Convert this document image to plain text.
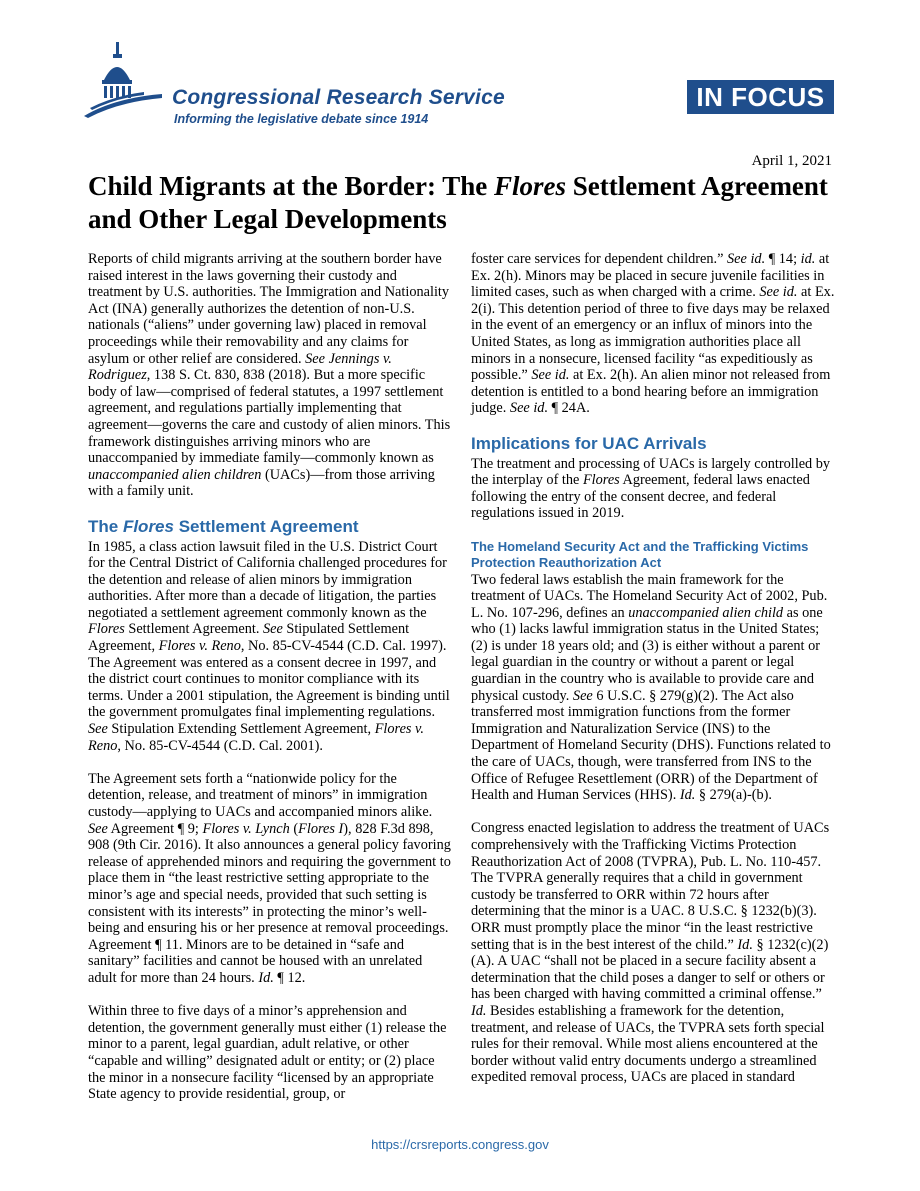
Congressional Research Service
Informing the legislative debate since 1914
IN FOCUS
April 1, 2021
Child Migrants at the Border: The Flores Settlement Agreement and Other Legal Developments

Reports of child migrants arriving at the southern border have raised interest in the laws governing their custody and treatment by U.S. authorities. The Immigration and Nationality Act (INA) generally authorizes the detention of non-U.S. nationals (“aliens” under governing law) placed in removal proceedings while their removability and any claims for asylum or other relief are considered. See Jennings v. Rodriguez, 138 S. Ct. 830, 838 (2018). But a more specific body of law—comprised of federal statutes, a 1997 settlement agreement, and regulations partially implementing that agreement—governs the care and custody of alien minors. This framework distinguishes arriving minors who are unaccompanied by immediate family—commonly known as unaccompanied alien children (UACs)—from those arriving with a family unit.

The Flores Settlement Agreement

In 1985, a class action lawsuit filed in the U.S. District Court for the Central District of California challenged procedures for the detention and release of alien minors by immigration authorities. After more than a decade of litigation, the parties negotiated a settlement agreement commonly known as the Flores Settlement Agreement. See Stipulated Settlement Agreement, Flores v. Reno, No. 85-CV-4544 (C.D. Cal. 1997). The Agreement was entered as a consent decree in 1997, and the district court continues to monitor compliance with its terms. Under a 2001 stipulation, the Agreement is binding until the government promulgates final implementing regulations. See Stipulation Extending Settlement Agreement, Flores v. Reno, No. 85-CV-4544 (C.D. Cal. 2001).

The Agreement sets forth a “nationwide policy for the detention, release, and treatment of minors” in immigration custody—applying to UACs and accompanied minors alike. See Agreement ¶ 9; Flores v. Lynch (Flores I), 828 F.3d 898, 908 (9th Cir. 2016). It also announces a general policy favoring release of apprehended minors and requiring the government to place them in “the least restrictive setting appropriate to the minor’s age and special needs, provided that such setting is consistent with its interests” in protecting the minor’s well-being and ensuring his or her presence at removal proceedings. Agreement ¶ 11. Minors are to be detained in “safe and sanitary” facilities and cannot be housed with an unrelated adult for more than 24 hours. Id. ¶ 12.

Within three to five days of a minor’s apprehension and detention, the government generally must either (1) release the minor to a parent, legal guardian, adult relative, or other “capable and willing” designated adult or entity; or (2) place the minor in a nonsecure facility “licensed by an appropriate State agency to provide residential, group, or

foster care services for dependent children.” See id. ¶ 14; id. at Ex. 2(h). Minors may be placed in secure juvenile facilities in limited cases, such as when charged with a crime. See id. at Ex. 2(i). This detention period of three to five days may be relaxed in the event of an emergency or an influx of minors into the United States, as long as immigration authorities place all minors in a nonsecure, licensed facility “as expeditiously as possible.” See id. at Ex. 2(h). An alien minor not released from detention is entitled to a bond hearing before an immigration judge. See id. ¶ 24A.

Implications for UAC Arrivals

The treatment and processing of UACs is largely controlled by the interplay of the Flores Agreement, federal laws enacted following the entry of the consent decree, and federal regulations issued in 2019.

The Homeland Security Act and the Trafficking Victims Protection Reauthorization Act

Two federal laws establish the main framework for the treatment of UACs. The Homeland Security Act of 2002, Pub. L. No. 107-296, defines an unaccompanied alien child as one who (1) lacks lawful immigration status in the United States; (2) is under 18 years old; and (3) is either without a parent or legal guardian in the country or without a parent or legal guardian in the country who is available to provide care and physical custody. See 6 U.S.C. § 279(g)(2). The Act also transferred most immigration functions from the former Immigration and Naturalization Service (INS) to the Department of Homeland Security (DHS). Functions related to the care of UACs, though, were transferred from INS to the Office of Refugee Resettlement (ORR) of the Department of Health and Human Services (HHS). Id. § 279(a)-(b).

Congress enacted legislation to address the treatment of UACs comprehensively with the Trafficking Victims Protection Reauthorization Act of 2008 (TVPRA), Pub. L. No. 110-457. The TVPRA generally requires that a child in government custody be transferred to ORR within 72 hours after determining that the minor is a UAC. 8 U.S.C. § 1232(b)(3). ORR must promptly place the minor “in the least restrictive setting that is in the best interest of the child.” Id. § 1232(c)(2)(A). A UAC “shall not be placed in a secure facility absent a determination that the child poses a danger to self or others or has been charged with having committed a criminal offense.” Id. Besides establishing a framework for the detention, treatment, and release of UACs, the TVPRA sets forth special rules for their removal. While most aliens encountered at the border without valid entry documents undergo a streamlined expedited removal process, UACs are placed in standard

https://crsreports.congress.gov
